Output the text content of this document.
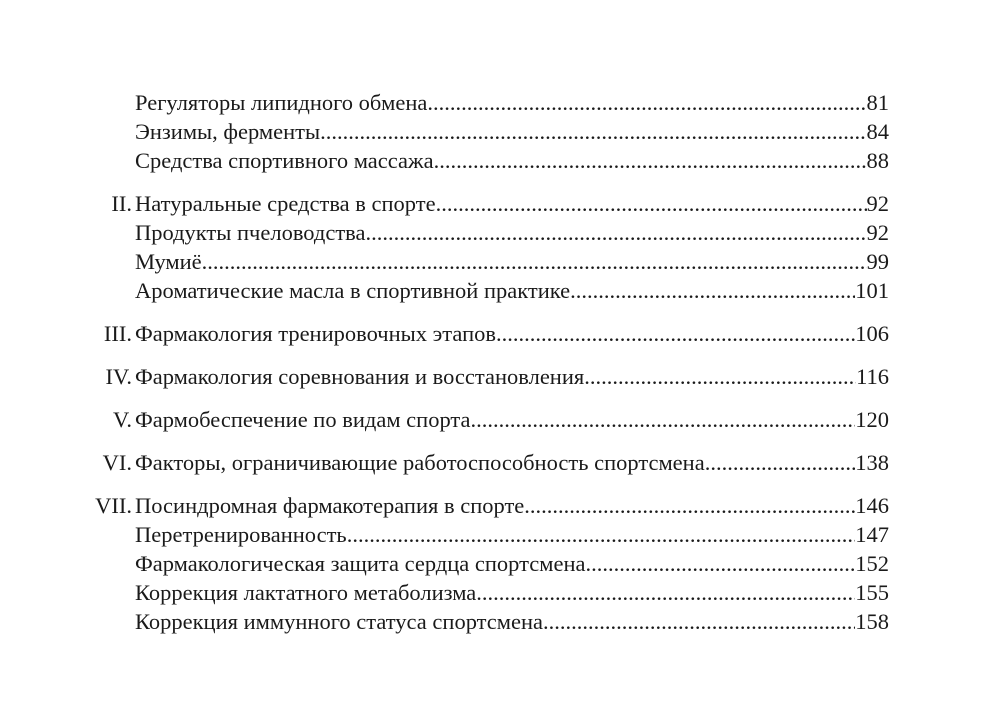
Регуляторы липидного обмена .....	81
Энзимы, ферменты .....	84
Средства спортивного массажа .....	88
II. Натуральные средства в спорте .....	92
Продукты пчеловодства .....	92
Мумиё .....	99
Ароматические масла в спортивной практике .....	101
III. Фармакология тренировочных этапов .....	106
IV. Фармакология соревнования и восстановления .....	116
V. Фармобеспечение по видам спорта .....	120
VI. Факторы, ограничивающие работоспособность спортсмена .....	138
VII. Посиндромная фармакотерапия в спорте .....	146
Перетренированность .....	147
Фармакологическая защита сердца спортсмена .....	152
Коррекция лактатного метаболизма .....	155
Коррекция иммунного статуса спортсмена .....	158
